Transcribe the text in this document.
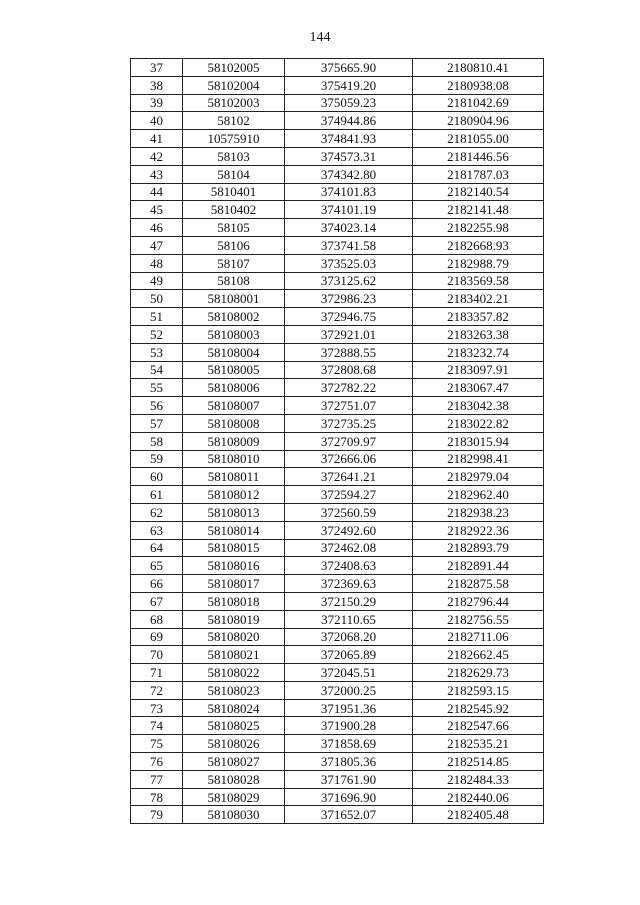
144
37	58102005	375665.90	2180810.41
38	58102004	375419.20	2180938.08
39	58102003	375059.23	2181042.69
40	58102	374944.86	2180904.96
41	10575910	374841.93	2181055.00
42	58103	374573.31	2181446.56
43	58104	374342.80	2181787.03
44	5810401	374101.83	2182140.54
45	5810402	374101.19	2182141.48
46	58105	374023.14	2182255.98
47	58106	373741.58	2182668.93
48	58107	373525.03	2182988.79
49	58108	373125.62	2183569.58
50	58108001	372986.23	2183402.21
51	58108002	372946.75	2183357.82
52	58108003	372921.01	2183263.38
53	58108004	372888.55	2183232.74
54	58108005	372808.68	2183097.91
55	58108006	372782.22	2183067.47
56	58108007	372751.07	2183042.38
57	58108008	372735.25	2183022.82
58	58108009	372709.97	2183015.94
59	58108010	372666.06	2182998.41
60	58108011	372641.21	2182979.04
61	58108012	372594.27	2182962.40
62	58108013	372560.59	2182938.23
63	58108014	372492.60	2182922.36
64	58108015	372462.08	2182893.79
65	58108016	372408.63	2182891.44
66	58108017	372369.63	2182875.58
67	58108018	372150.29	2182796.44
68	58108019	372110.65	2182756.55
69	58108020	372068.20	2182711.06
70	58108021	372065.89	2182662.45
71	58108022	372045.51	2182629.73
72	58108023	372000.25	2182593.15
73	58108024	371951.36	2182545.92
74	58108025	371900.28	2182547.66
75	58108026	371858.69	2182535.21
76	58108027	371805.36	2182514.85
77	58108028	371761.90	2182484.33
78	58108029	371696.90	2182440.06
79	58108030	371652.07	2182405.48
